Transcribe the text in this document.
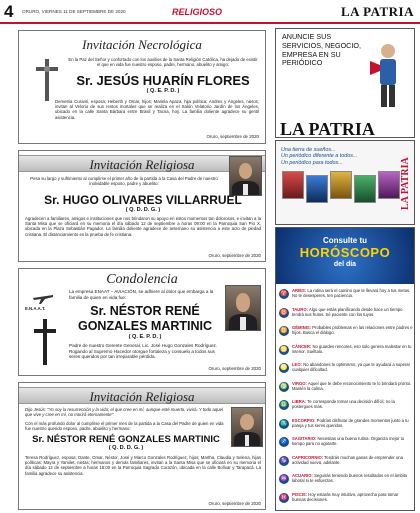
4 ORURO, VIERNES 11 DE SEPTIEMBRE DE 2020	RELIGIOSO	LA PATRIA
Invitación Necrológica
En la Paz del Señor y confortado con los auxilios de la Santa Religión Católica, ha dejado de existir el que en vida fue nuestro esposo, padre, hermano, abuelito y amigo:
Sr. JESÚS HUARÍN FLORES
( Q. E. P. D. )
Demetria Cusiviri, esposa; Heberth y Omar, hijos; Mariela Apaza, hija política; Andres y Ángeles, nietos; invitan al Velorio de sus restos mortales que se realiza en el Salón Velatorio Jardín de los Ángeles, ubicado en la calle Santa Bárbara entre Brasil y Tacna, hoy. La familia doliente agradece su gentil asistencia.
Oruro, septiembre de 2020
Invitación Religiosa
Pesa su largo y sufrimiento al cumplirse el primer año de la partida a la Casa del Padre de nuestro inolvidable esposo, padre y abuelito:
Sr. HUGO OLIVARES VILLARRUEL
( Q. D. D. G. )
Agradecen a familiares, amigos e instituciones que nos brindaron su apoyo en estos momentos tan dolorosos, e invitan a la Santa Misa que se oficiará en su memoria el día sábado 12 de septiembre a horas 09:00 en la Parroquia San Pío X, ubicada en la Plaza Sebastián Pagador. La familia doliente agradece de antemano su asistencia a este acto de piedad cristiana. El distanciamiento es la prueba de fe cristiana.
Oruro, septiembre de 2020
Condolencia
E.N.A.A.T.
La empresa ENAAT – AVIACIÓN, se adhiere al dolor que embarga a la familia de quien en vida fue:
Sr. NÉSTOR RENÉ
GONZALES MARTINIC
( Q. E. P. D. )
Padre de nuestro Gerente General, Lic. José Hugo Gonzales Rodríguez. Rogando al Supremo Hacedor otorgue fortaleza y consuelo a todos sus seres queridos por tan irreparable pérdida.
Oruro, septiembre de 2020
Invitación Religiosa
Dijo Jesús: "Yo soy la resurrección y la vida; el que cree en mí, aunque esté muerto, vivirá. Y todo aquel que vive y cree en mí, no morirá eternamente"
Con el más profundo dolor al cumplirse el primer mes de la partida a la Casa del Padre de quien en vida fue nuestro querido esposo, padre, abuelito y hermano:
Sr. NÉSTOR RENÉ GONZALES MARTINIC
( Q. D. D. G. )
Teresa Rodríguez, esposa; Dante, Omar, Néstor, José y Marco Gonzales Rodríguez, hijos; Martha, Claudia y Selena, hijas políticas; Mayra y Yamilet, nietas; hermanos y demás familiares, invitan a la Santa Misa que se oficiará en su memoria el día sábado 12 de septiembre a horas 18:00 en la Parroquia Sagrado Corazón, ubicada en la calle Bolívar y Tarapacá. La familia agradece su asistencia.
Oruro, septiembre de 2020
ANUNCIE SUS SERVICIOS, NEGOCIO, EMPRESA EN SU PERIÓDICO
LA PATRIA
Una tierra de sueños...
Un periódico diferente a todos...
Un periódico para todos...	LA PATRIA
Consulte tu
HORÓSCOPO
del día
♈
ARIES: La rutina será el camino que te llevará hoy a tus metas. No te desesperes, ten paciencia.
♉
TAURO: Algo que estás planificando desde hace un tiempo tendrá sus frutos. Sé paciente con los tuyos.
♊
GÉMINIS: Probables problemas en las relaciones entre padres e hijos. Busca el diálogo.
♋
CÁNCER: No guardes rencores, eso solo genera malestar en tu interior. Suéltalo.
♌
LEO: No abandones tu optimismo, ya que te ayudará a superar cualquier dificultad.
♍
VIRGO: Aquel que te debe reconocimiento te lo brindará pronto. Mantén la calma.
♎
LIBRA: Te corresponde tomar una decisión difícil, no la postergues más.
♏
ESCORPIO: Podrías disfrutar de grandes momentos junto a tu pareja y tus seres queridos.
♐
SAGITARIO: Necesitas una buena rutina. Organiza mejor tu tiempo para no agotarte.
♑
CAPRICORNIO: Tendrás muchas ganas de emprender una actividad nueva, adelante.
♒
ACUARIO: Seguirás teniendo buenos resultados en el ámbito laboral si te esfuerzas.
♓
PISCIS: Hoy estarás muy intuitivo, aprovecha para tomar buenas decisiones.
